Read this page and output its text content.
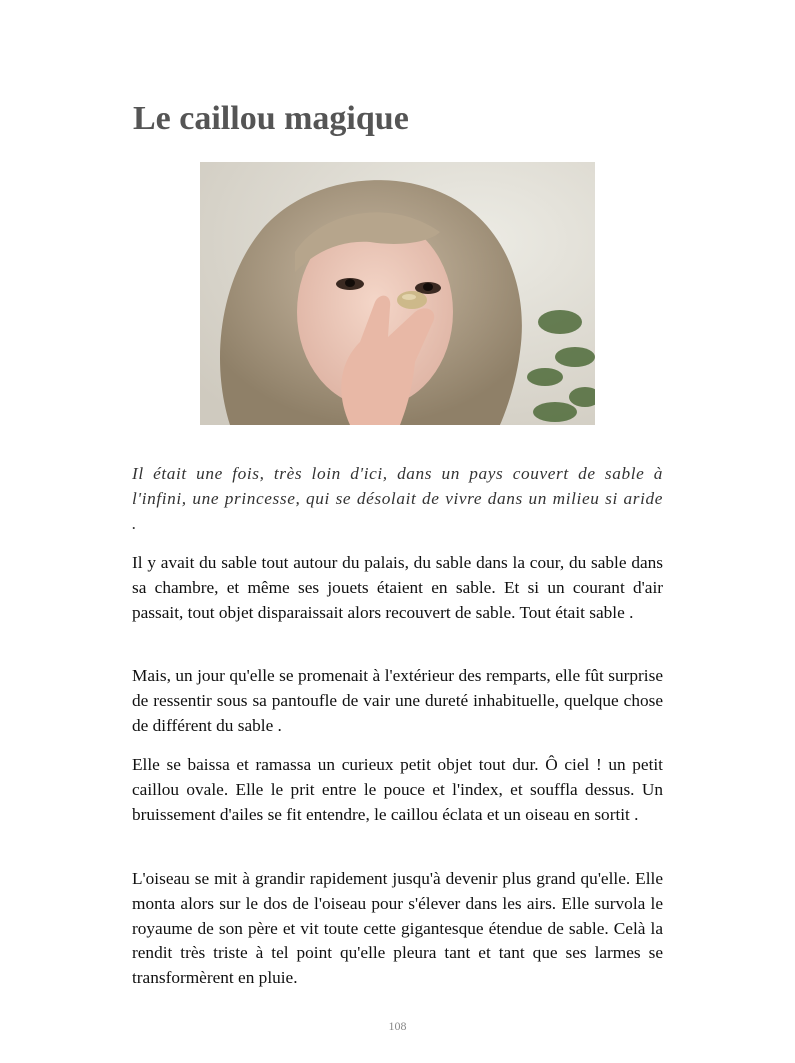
Le caillou magique

Il était une fois, très loin d'ici, dans un pays couvert de sable à l'infini, une princesse, qui se désolait de vivre dans un milieu si aride .

Il y avait du sable tout autour du palais, du sable dans la cour, du sable dans sa chambre, et même ses jouets étaient en sable. Et si un courant d'air passait, tout objet disparaissait alors recouvert de sable. Tout était sable .

Mais, un jour qu'elle se promenait à l'extérieur des remparts, elle fût surprise de ressentir sous sa pantoufle de vair une dureté inhabituelle, quelque chose de différent du sable .

Elle se baissa et ramassa un curieux petit objet tout dur. Ô ciel ! un petit caillou ovale. Elle le prit entre le pouce et l'index, et souffla dessus. Un bruissement d'ailes se fit entendre, le caillou éclata et un oiseau en sortit .

L'oiseau se mit à grandir rapidement jusqu'à devenir plus grand qu'elle. Elle monta alors sur le dos de l'oiseau pour s'élever dans les airs. Elle survola le royaume de son père et vit toute cette gigantesque étendue de sable. Celà la rendit très triste à tel point qu'elle pleura tant et tant que ses larmes se transformèrent en pluie.

108
